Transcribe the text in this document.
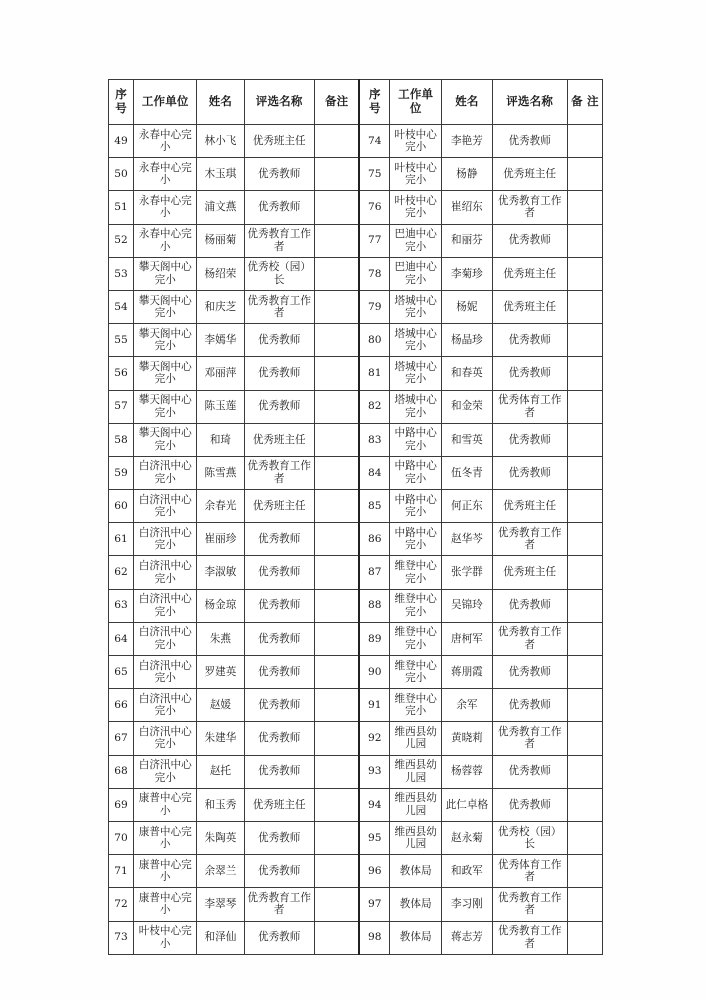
序 号	工作单位	姓名	评选名称	备注	序 号	工作单 位	姓名	评选名称	备 注
49	永春中心完小	林小飞	优秀班主任		74	叶枝中心完小	李艳芳	优秀教师	
50	永春中心完小	木玉琪	优秀教师		75	叶枝中心完小	杨静	优秀班主任	
51	永春中心完小	浦文燕	优秀教师		76	叶枝中心完小	崔绍东	优秀教育工作者	
52	永春中心完小	杨丽菊	优秀教育工作者		77	巴迪中心完小	和丽芬	优秀教师	
53	攀天阁中心完小	杨绍荣	优秀校（园）长		78	巴迪中心完小	李菊珍	优秀班主任	
54	攀天阁中心完小	和庆芝	优秀教育工作者		79	塔城中心完小	杨妮	优秀班主任	
55	攀天阁中心完小	李嫣华	优秀教师		80	塔城中心完小	杨晶珍	优秀教师	
56	攀天阁中心完小	邓丽萍	优秀教师		81	塔城中心完小	和春英	优秀教师	
57	攀天阁中心完小	陈玉莲	优秀教师		82	塔城中心完小	和金荣	优秀体育工作者	
58	攀天阁中心完小	和琦	优秀班主任		83	中路中心完小	和雪英	优秀教师	
59	白济汛中心完小	陈雪燕	优秀教育工作者		84	中路中心完小	伍冬青	优秀教师	
60	白济汛中心完小	余春光	优秀班主任		85	中路中心完小	何正东	优秀班主任	
61	白济汛中心完小	崔丽珍	优秀教师		86	中路中心完小	赵华芩	优秀教育工作者	
62	白济汛中心完小	李淑敏	优秀教师		87	维登中心完小	张学群	优秀班主任	
63	白济汛中心完小	杨金琼	优秀教师		88	维登中心完小	吴锦玲	优秀教师	
64	白济汛中心完小	朱燕	优秀教师		89	维登中心完小	唐柯军	优秀教育工作者	
65	白济汛中心完小	罗建英	优秀教师		90	维登中心完小	蒋朋霞	优秀教师	
66	白济汛中心完小	赵媛	优秀教师		91	维登中心完小	余军	优秀教师	
67	白济汛中心完小	朱建华	优秀教师		92	维西县幼儿园	黄晓莉	优秀教育工作者	
68	白济汛中心完小	赵托	优秀教师		93	维西县幼儿园	杨蓉蓉	优秀教师	
69	康普中心完 小	和玉秀	优秀班主任		94	维西县幼儿园	此仁卓格	优秀教师	
70	康普中心完 小	朱陶英	优秀教师		95	维西县幼儿园	赵永菊	优秀校（园）长	
71	康普中心完 小	余翠兰	优秀教师		96	教体局	和政军	优秀体育工作者	
72	康普中心完 小	李翠琴	优秀教育工作者		97	教体局	李习刚	优秀教育工作者	
73	叶枝中心完小	和泽仙	优秀教师		98	教体局	蒋志芳	优秀教育工作者	
